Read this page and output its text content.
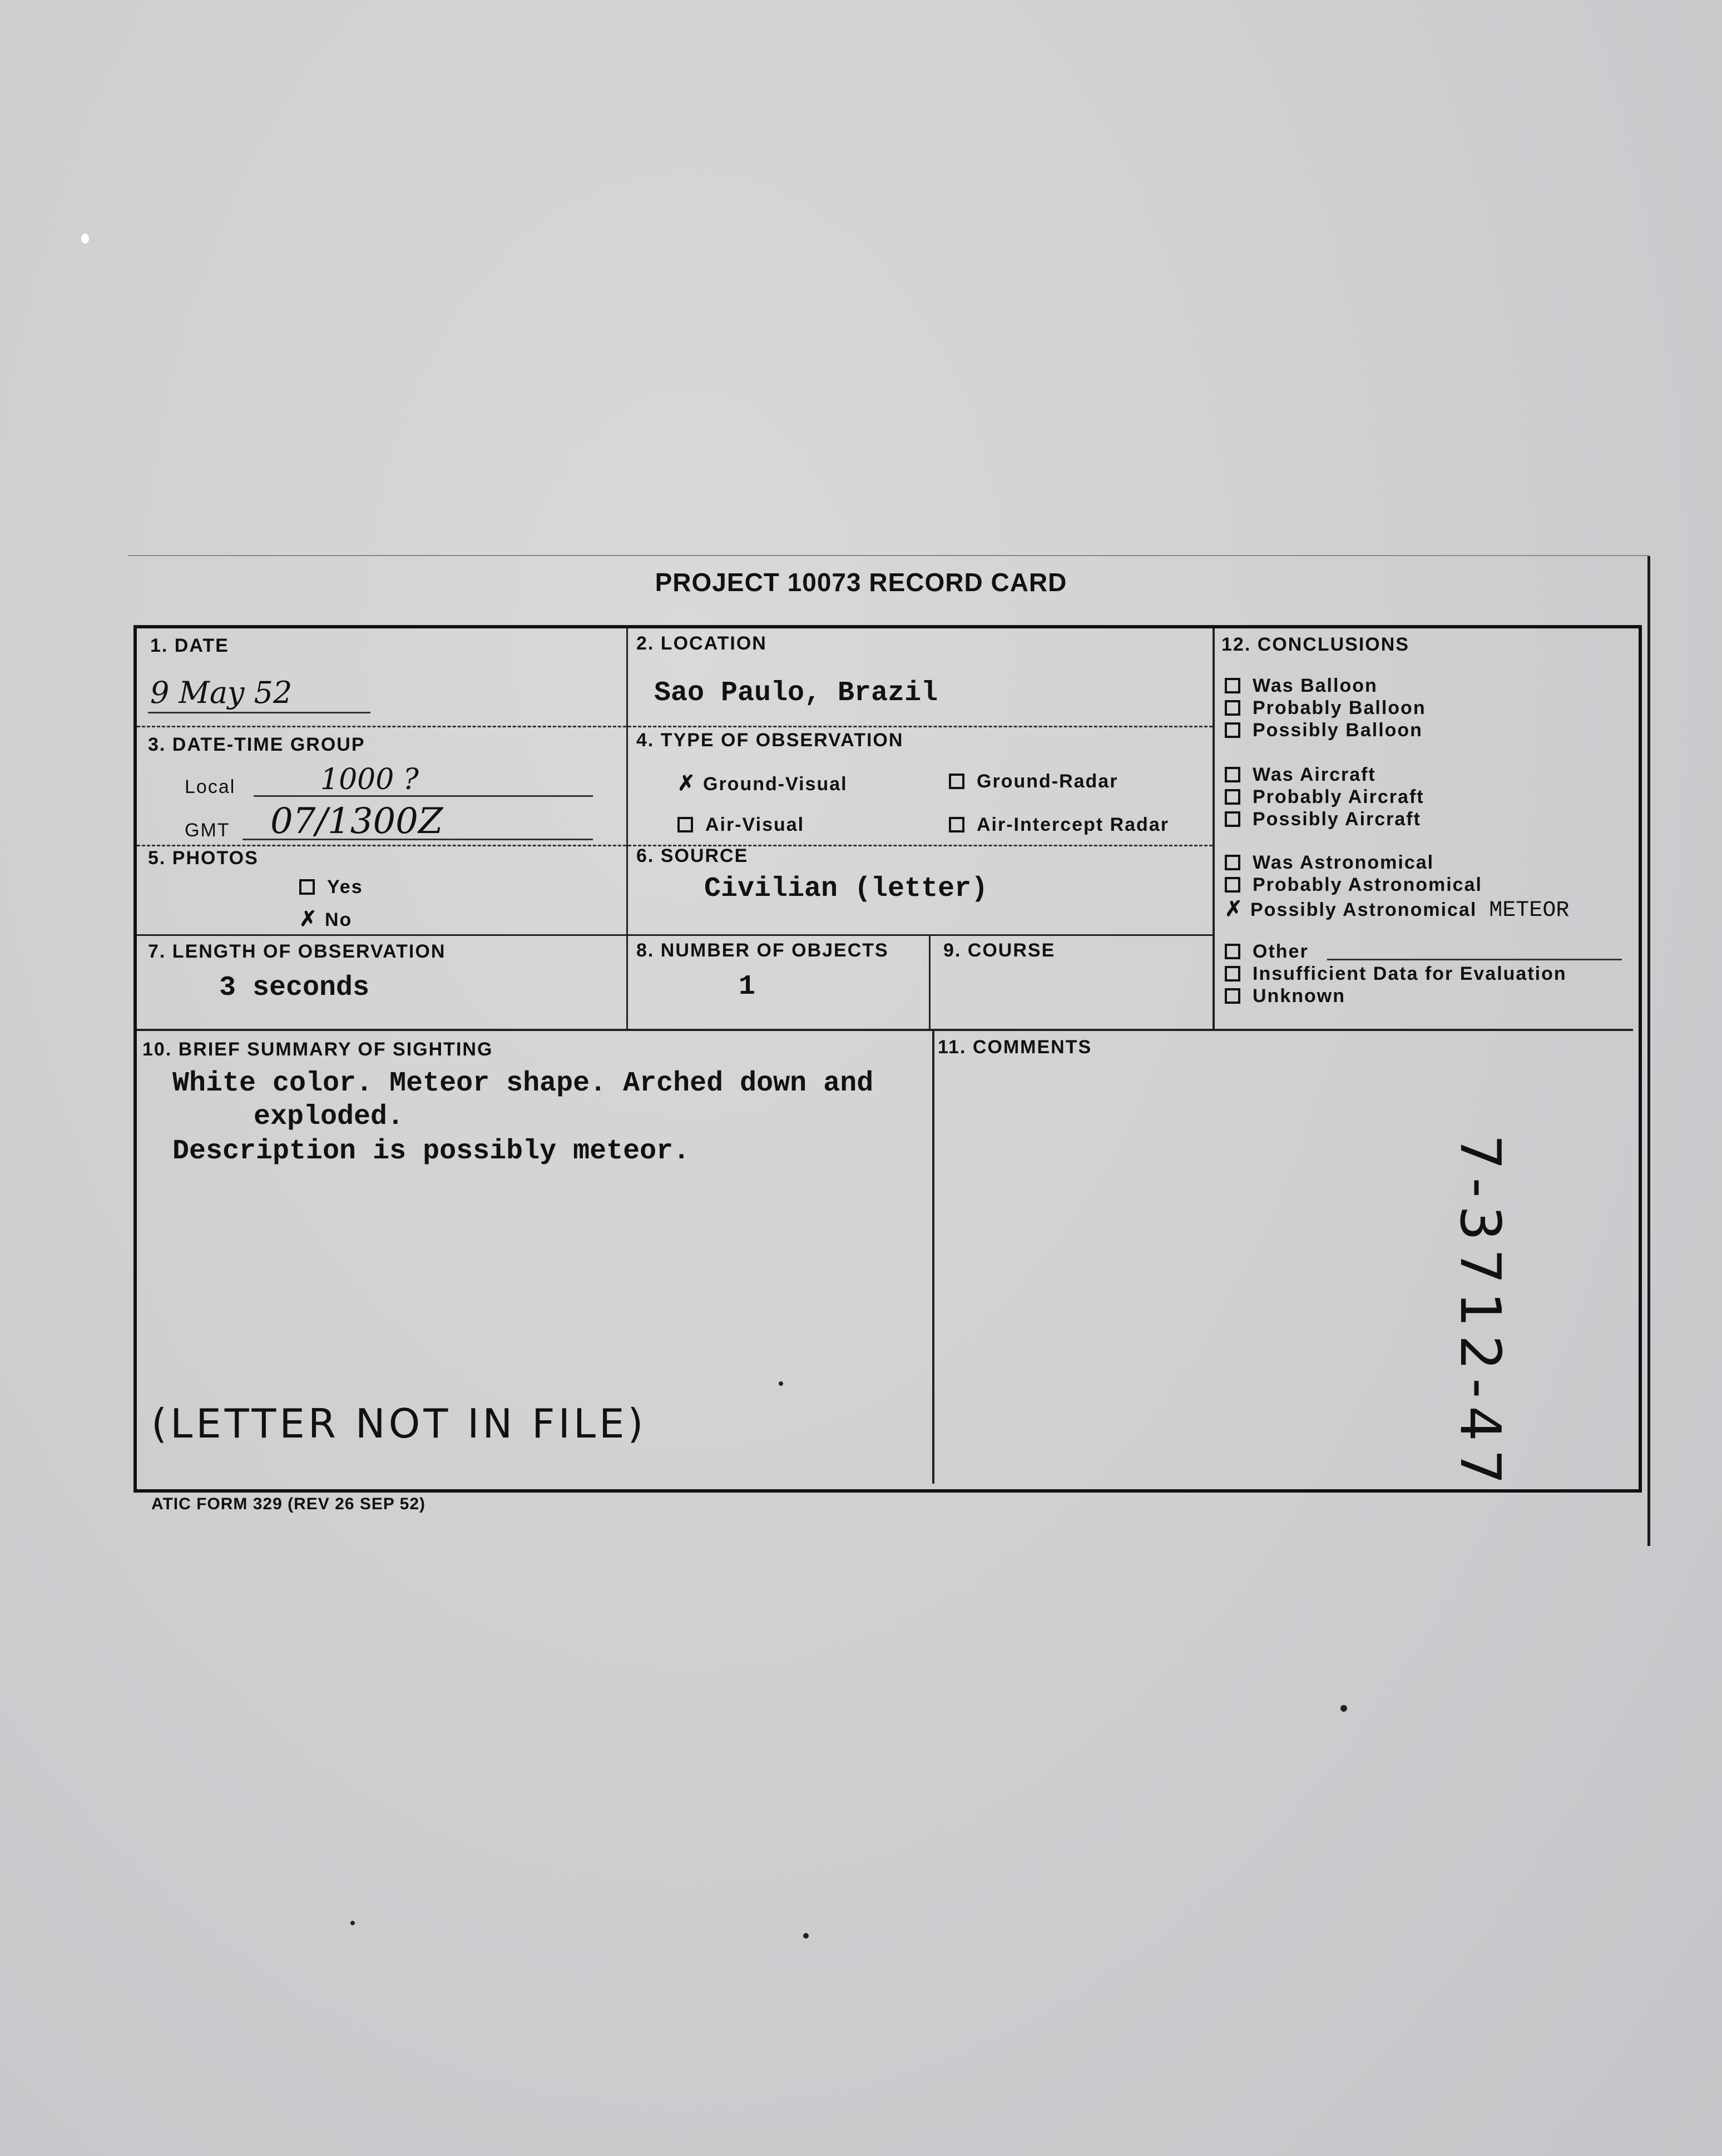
PROJECT 10073 RECORD CARD
1. DATE
9 May 52
2. LOCATION
Sao Paulo, Brazil
3. DATE-TIME GROUP
Local	1000 ?
GMT 07/1300Z
4. TYPE OF OBSERVATION
✗ Ground-Visual	Ground-Radar
Air-Visual	Air-Intercept Radar
5. PHOTOS
Yes
✗ No
6. SOURCE
Civilian (letter)
7. LENGTH OF OBSERVATION
3 seconds
8. NUMBER OF OBJECTS
1
9. COURSE
10. BRIEF SUMMARY OF SIGHTING
White color. Meteor shape. Arched down and
exploded.
Description is possibly meteor.
(LETTER NOT IN FILE)
11. COMMENTS
12. CONCLUSIONS
Was Balloon
Probably Balloon
Possibly Balloon
Was Aircraft
Probably Aircraft
Possibly Aircraft
Was Astronomical
Probably Astronomical
✗ Possibly Astronomical METEOR
Other
Insufficient Data for Evaluation
Unknown
7-3712-47
ATIC FORM 329 (REV 26 SEP 52)
